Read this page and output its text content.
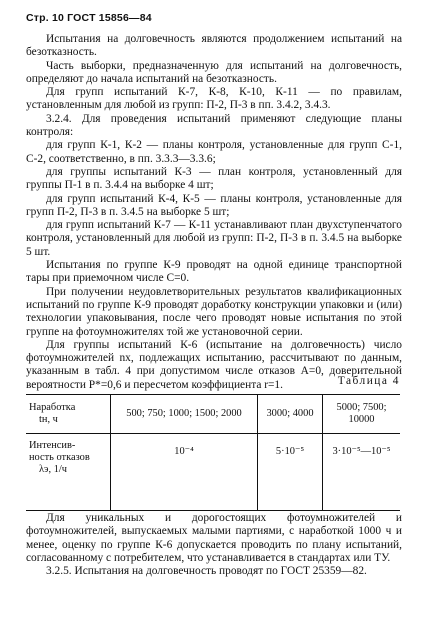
Стр. 10 ГОСТ 15856—84

Испытания на долговечность являются продолжением испытаний на безотказность.

Часть выборки, предназначенную для испытаний на долговечность, определяют до начала испытаний на безотказность.

Для групп испытаний К-7, К-8, К-10, К-11 — по правилам, установленным для любой из групп: П-2, П-3 в пп. 3.4.2, 3.4.3.

3.2.4. Для проведения испытаний применяют следующие планы контроля:

для групп К-1, К-2 — планы контроля, установленные для групп С-1, С-2, соответственно, в пп. 3.3.3—3.3.6;

для группы испытаний К-3 — план контроля, установленный для группы П-1 в п. 3.4.4 на выборке 4 шт;

для групп испытаний К-4, К-5 — планы контроля, установленные для групп П-2, П-3 в п. 3.4.5 на выборке 5 шт;

для групп испытаний К-7 — К-11 устанавливают план двухступенчатого контроля, установленный для любой из групп: П-2, П-3 в п. 3.4.5 на выборке 5 шт.

Испытания по группе К-9 проводят на одной единице транспортной тары при приемочном числе C=0.

При получении неудовлетворительных результатов квалификационных испытаний по группе К-9 проводят доработку конструкции упаковки и (или) технологии упаковывания, после чего проводят новые испытания по этой группе на фотоумножителях той же установочной серии.

Для группы испытаний К-6 (испытание на долговечность) число фотоумножителей nx, подлежащих испытанию, рассчитывают по данным, указанным в табл. 4 при допустимом числе отказов A=0, доверительной вероятности P*=0,6 и пересчетом коэффициента r=1.	Таблица 4
Наработка
tн, ч	500; 750; 1000; 1500; 2000	3000; 4000	5000; 7500; 10000

Интенсив-
ность отказов
λэ, 1/ч	10⁻⁴	5·10⁻⁵	3·10⁻⁵—10⁻⁵

Для уникальных и дорогостоящих фотоумножителей и фотоумножителей, выпускаемых малыми партиями, с наработкой 1000 ч и менее, оценку по группе К-6 допускается проводить по плану испытаний, согласованному с потребителем, что устанавливается в стандартах или ТУ.

3.2.5. Испытания на долговечность проводят по ГОСТ 25359—82.
